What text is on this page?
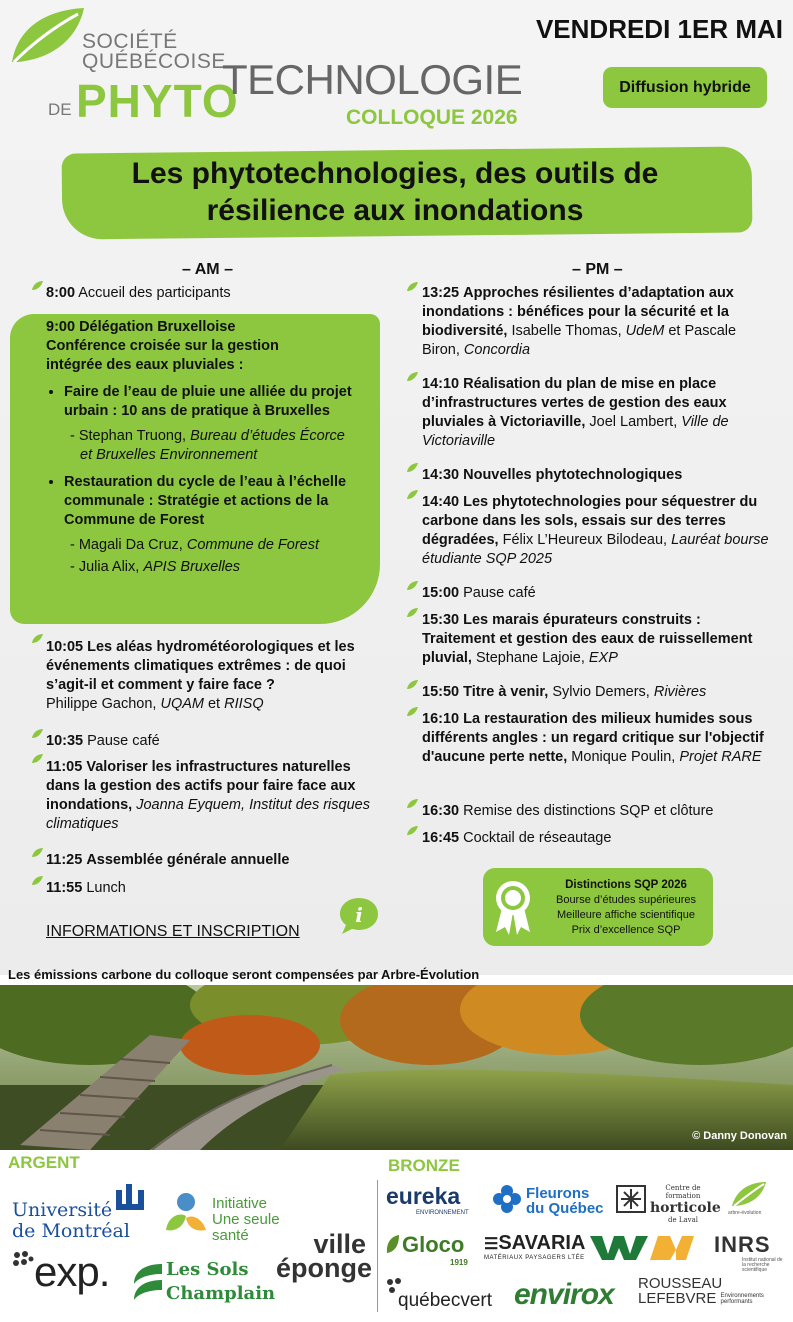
SOCIÉTÉ
QUÉBÉCOISE
DE PHYTO
TECHNOLOGIE
COLLOQUE 2026
VENDREDI 1ER MAI
Diffusion hybride
Les phytotechnologies, des outils de
résilience aux inondations
– AM –
8:00 Accueil des participants
9:00 Délégation Bruxelloise
Conférence croisée sur la gestion
intégrée des eaux pluviales :
• Faire de l’eau de pluie une alliée du projet urbain : 10 ans de pratique à Bruxelles
- Stephan Truong, Bureau d’études Écorce et Bruxelles Environnement
• Restauration du cycle de l’eau à l’échelle communale : Stratégie et actions de la Commune de Forest
- Magali Da Cruz, Commune de Forest
- Julia Alix, APIS Bruxelles
10:05 Les aléas hydrométéorologiques et les événements climatiques extrêmes : de quoi s’agit-il et comment y faire face ?
Philippe Gachon, UQAM et RIISQ
10:35 Pause café
11:05 Valoriser les infrastructures naturelles dans la gestion des actifs pour faire face aux inondations, Joanna Eyquem, Institut des risques climatiques
11:25 Assemblée générale annuelle
11:55 Lunch
INFORMATIONS ET INSCRIPTION
i
– PM –
13:25 Approches résilientes d’adaptation aux inondations : bénéfices pour la sécurité et la biodiversité, Isabelle Thomas, UdeM et Pascale Biron, Concordia
14:10 Réalisation du plan de mise en place d’infrastructures vertes de gestion des eaux pluviales à Victoriaville, Joel Lambert, Ville de Victoriaville
14:30 Nouvelles phytotechnologiques
14:40 Les phytotechnologies pour séquestrer du carbone dans les sols, essais sur des terres dégradées, Félix L’Heureux Bilodeau, Lauréat bourse étudiante SQP 2025
15:00 Pause café
15:30 Les marais épurateurs construits : Traitement et gestion des eaux de ruissellement pluvial, Stephane Lajoie, EXP
15:50 Titre à venir, Sylvio Demers, Rivières
16:10 La restauration des milieux humides sous différents angles : un regard critique sur l'objectif d'aucune perte nette, Monique Poulin, Projet RARE
16:30 Remise des distinctions SQP et clôture
16:45 Cocktail de réseautage
Distinctions SQP 2026
Bourse d’études supérieures
Meilleure affiche scientifique
Prix d’excellence SQP
Les émissions carbone du colloque seront compensées par Arbre-Évolution
© Danny Donovan
ARGENT	BRONZE
Université
de Montréal
Initiative
Une seule
santé
exp.	Les Sols
Champlain
ville
éponge
eureka
ENVIRONNEMENT
Fleurons
du Québec
Centre de formation
horticole
de Laval
arbre-évolution
Gloco
1919
☰SAVARIA
MATÉRIAUX PAYSAGERS LTÉE
INRS
Institut national de la recherche scientifique
québecvert envirox ROUSSEAU
LEFEBVRE Environnements performants
